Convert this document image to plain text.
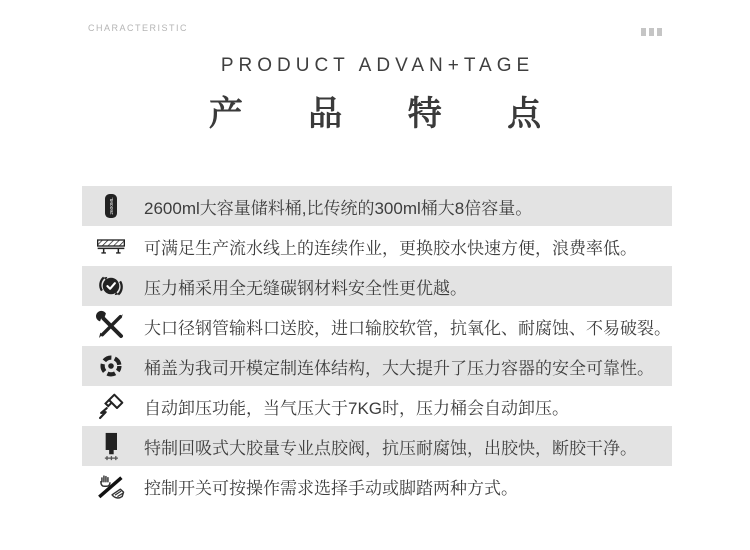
CHARACTERISTIC
PRODUCT ADVAN+TAGE
产 品 特 点
2600ML 2600ml大容量储料桶,比传统的300ml桶大8倍容量。
可满足生产流水线上的连续作业，更换胶水快速方便，浪费率低。
压力桶采用全无缝碳钢材料安全性更优越。
大口径钢管输料口送胶，进口输胶软管，抗氧化、耐腐蚀、不易破裂。
桶盖为我司开模定制连体结构，大大提升了压力容器的安全可靠性。
自动卸压功能，当气压大于7KG时，压力桶会自动卸压。
特制回吸式大胶量专业点胶阀，抗压耐腐蚀，出胶快，断胶干净。
控制开关可按操作需求选择手动或脚踏两种方式。
